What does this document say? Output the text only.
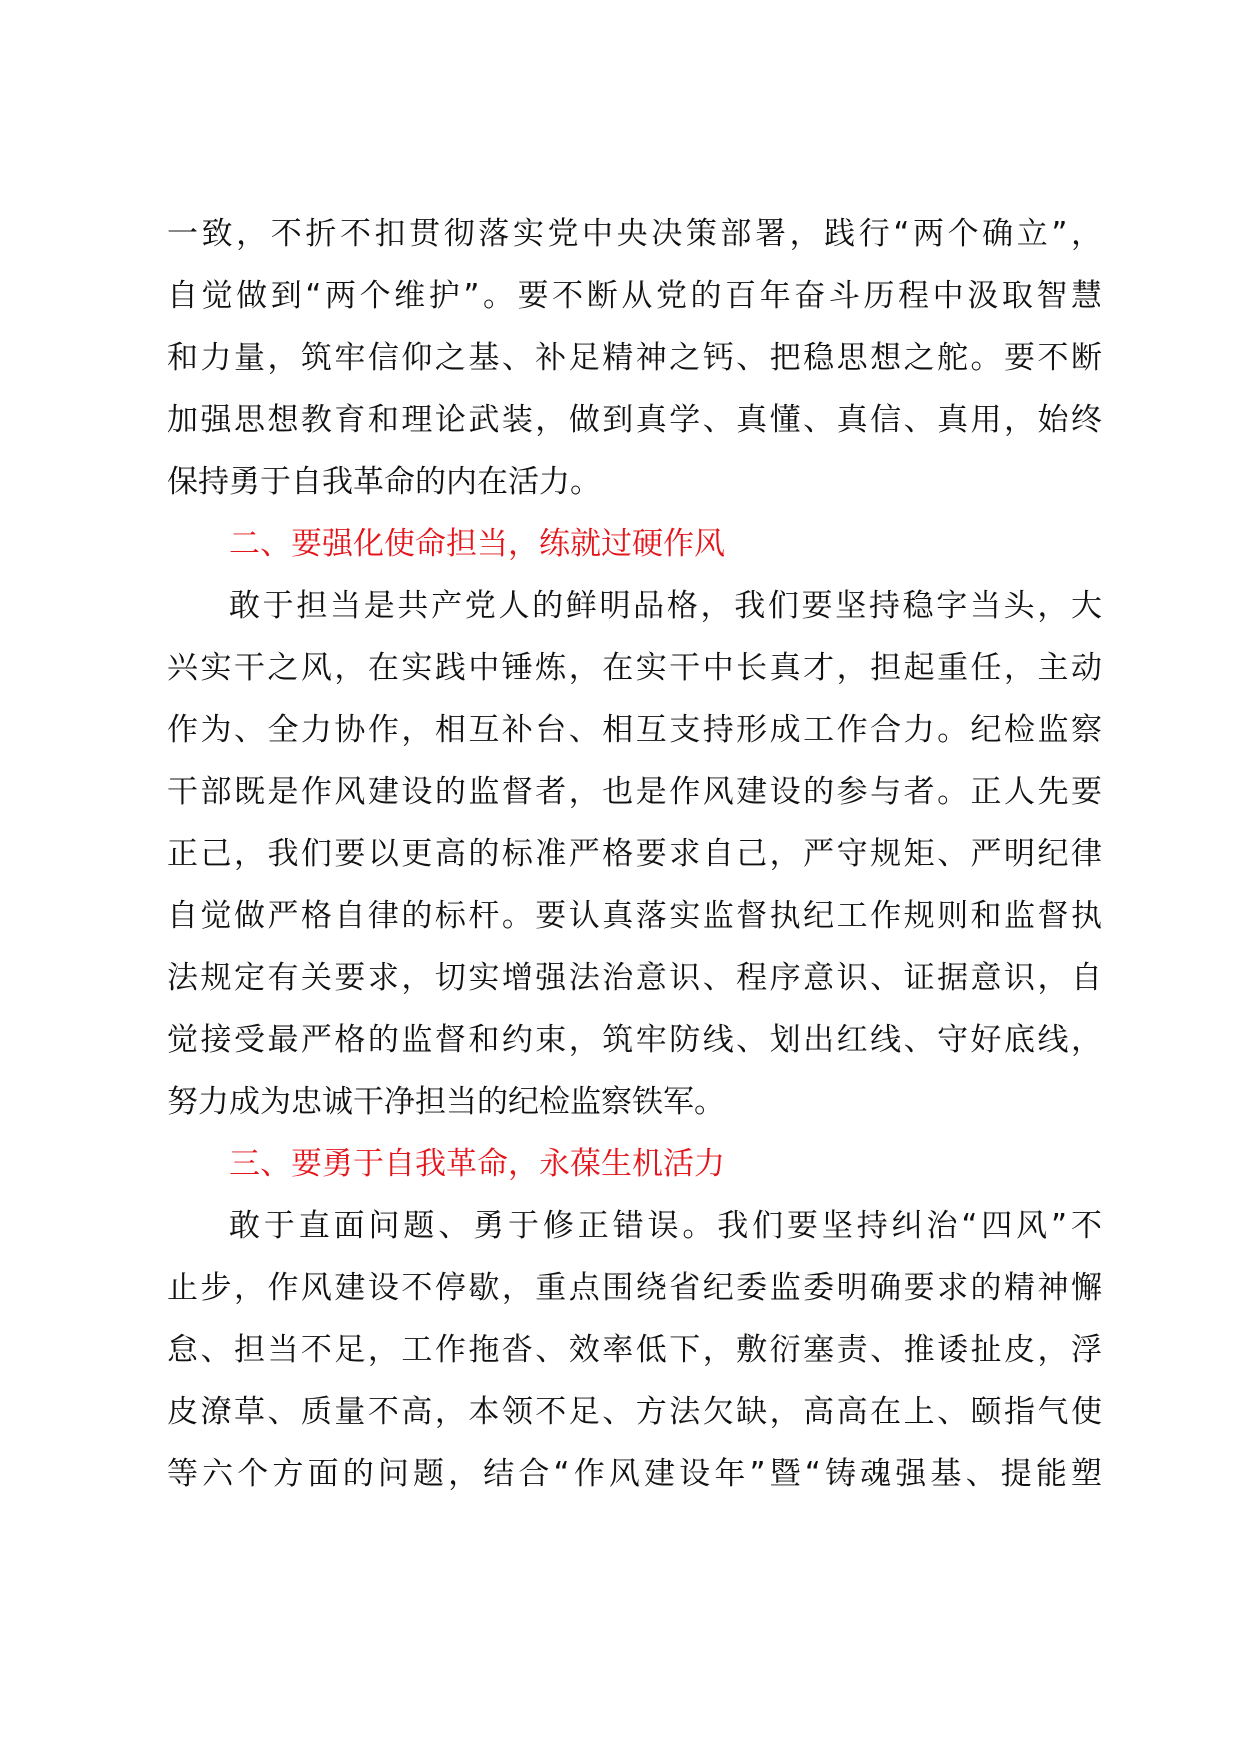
一致，不折不扣贯彻落实党中央决策部署，践行“两个确立”，
自觉做到“两个维护”。要不断从党的百年奋斗历程中汲取智慧
和力量，筑牢信仰之基、补足精神之钙、把稳思想之舵。要不断
加强思想教育和理论武装，做到真学、真懂、真信、真用，始终
保持勇于自我革命的内在活力。
二、要强化使命担当，练就过硬作风
敢于担当是共产党人的鲜明品格，我们要坚持稳字当头，大
兴实干之风，在实践中锤炼，在实干中长真才，担起重任，主动
作为、全力协作，相互补台、相互支持形成工作合力。纪检监察
干部既是作风建设的监督者，也是作风建设的参与者。正人先要
正己，我们要以更高的标准严格要求自己，严守规矩、严明纪律
自觉做严格自律的标杆。要认真落实监督执纪工作规则和监督执
法规定有关要求，切实增强法治意识、程序意识、证据意识，自
觉接受最严格的监督和约束，筑牢防线、划出红线、守好底线，
努力成为忠诚干净担当的纪检监察铁军。
三、要勇于自我革命，永葆生机活力
敢于直面问题、勇于修正错误。我们要坚持纠治“四风”不
止步，作风建设不停歇，重点围绕省纪委监委明确要求的精神懈
怠、担当不足，工作拖沓、效率低下，敷衍塞责、推诿扯皮，浮
皮潦草、质量不高，本领不足、方法欠缺，高高在上、颐指气使
等六个方面的问题，结合“作风建设年”暨“铸魂强基、提能塑
